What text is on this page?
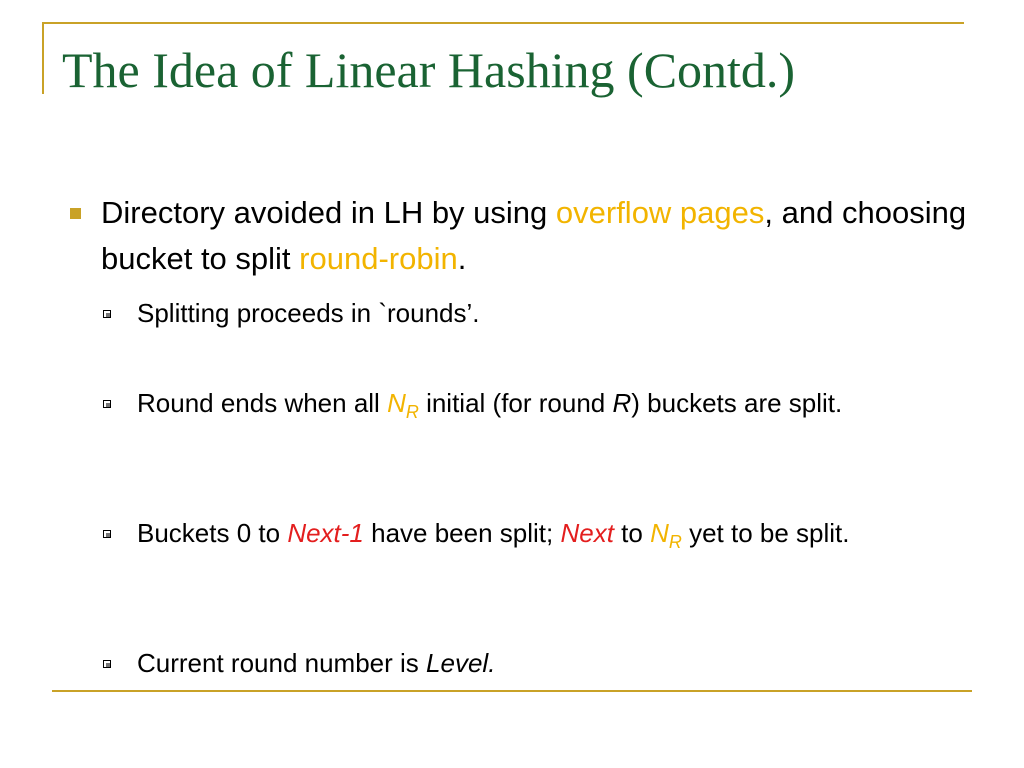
The Idea of Linear Hashing (Contd.)
Directory avoided in LH by using overflow pages, and choosing bucket to split round-robin.
Splitting proceeds in `rounds’.
Round ends when all $N_R$ initial (for round R) buckets are split.
Buckets 0 to Next-1 have been split; Next to $N_R$ yet to be split.
Current round number is Level.
